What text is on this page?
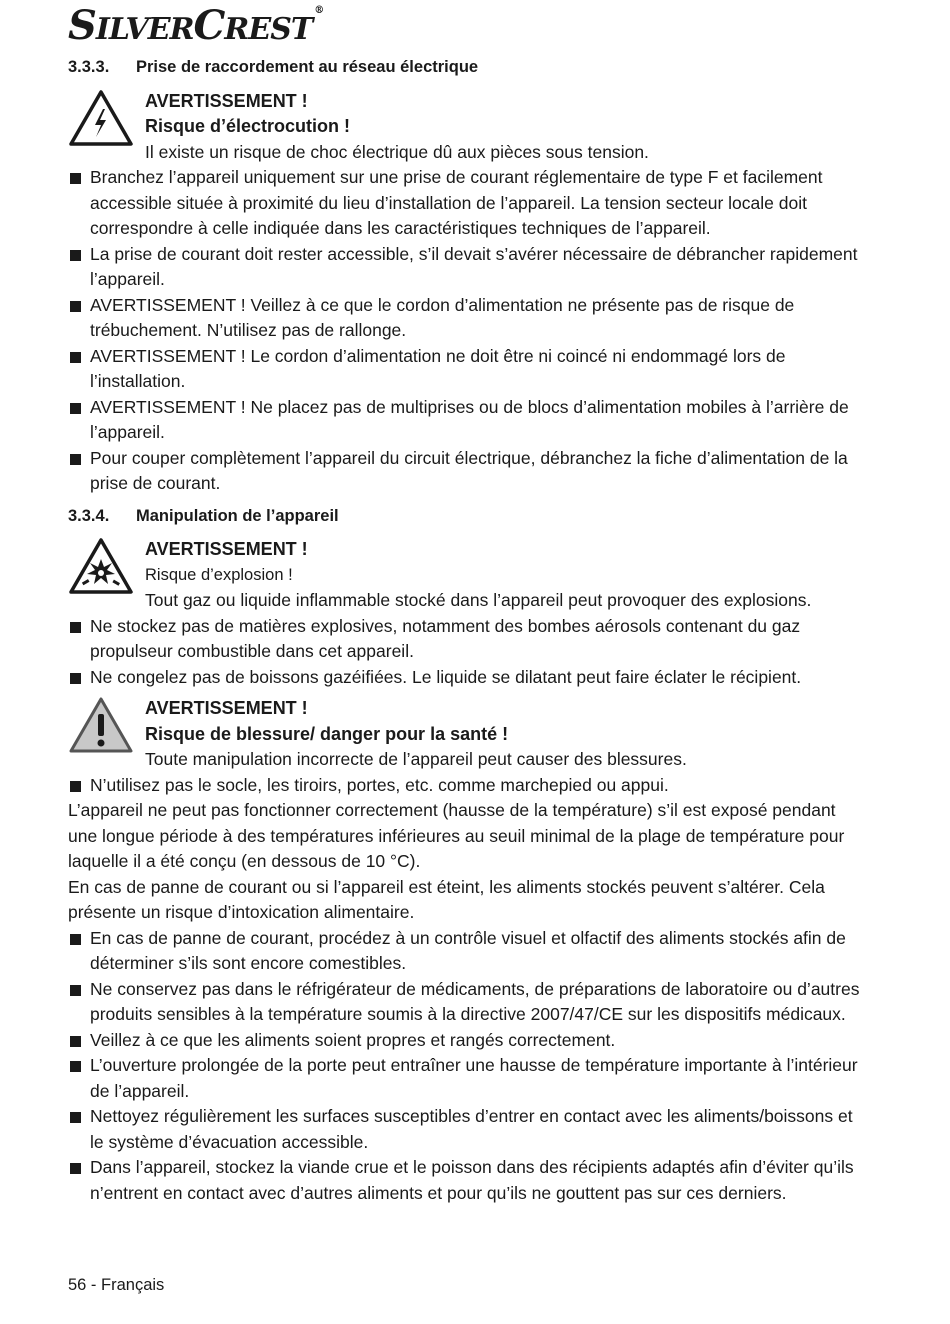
SILVERCREST®
3.3.3.	Prise de raccordement au réseau électrique
AVERTISSEMENT !
Risque d’électrocution !
Il existe un risque de choc électrique dû aux pièces sous tension.
Branchez l’appareil uniquement sur une prise de courant réglementaire de type F et facilement accessible située à proximité du lieu d’installation de l’appareil. La tension secteur locale doit correspondre à celle indiquée dans les caractéristiques techniques de l’appareil.
La prise de courant doit rester accessible, s’il devait s’avérer nécessaire de débrancher rapidement l’appareil.
AVERTISSEMENT ! Veillez à ce que le cordon d’alimentation ne présente pas de risque de trébuchement. N’utilisez pas de rallonge.
AVERTISSEMENT ! Le cordon d’alimentation ne doit être ni coincé ni endommagé lors de l’installation.
AVERTISSEMENT ! Ne placez pas de multiprises ou de blocs d’alimentation mobiles à l’arrière de l’appareil.
Pour couper complètement l’appareil du circuit électrique, débranchez la fiche d’alimentation de la prise de courant.
3.3.4.	Manipulation de l’appareil
AVERTISSEMENT !
Risque d’explosion !
Tout gaz ou liquide inflammable stocké dans l’appareil peut provoquer des explosions.
Ne stockez pas de matières explosives, notamment des bombes aérosols contenant du gaz propulseur combustible dans cet appareil.
Ne congelez pas de boissons gazéifiées. Le liquide se dilatant peut faire éclater le récipient.
AVERTISSEMENT !
Risque de blessure/ danger pour la santé !
Toute manipulation incorrecte de l’appareil peut causer des blessures.
N’utilisez pas le socle, les tiroirs, portes, etc. comme marchepied ou appui.

L’appareil ne peut pas fonctionner correctement (hausse de la température) s’il est exposé pendant une longue période à des températures inférieures au seuil minimal de la plage de température pour laquelle il a été conçu (en dessous de 10 °C).

En cas de panne de courant ou si l’appareil est éteint, les aliments stockés peuvent s’altérer. Cela présente un risque d’intoxication alimentaire.

En cas de panne de courant, procédez à un contrôle visuel et olfactif des aliments stockés afin de déterminer s’ils sont encore comestibles.
Ne conservez pas dans le réfrigérateur de médicaments, de préparations de laboratoire ou d’autres produits sensibles à la température soumis à la directive 2007/47/CE sur les dispositifs médicaux.
Veillez à ce que les aliments soient propres et rangés correctement.
L’ouverture prolongée de la porte peut entraîner une hausse de température importante à l’intérieur de l’appareil.
Nettoyez régulièrement les surfaces susceptibles d’entrer en contact avec les aliments/boissons et le système d’évacuation accessible.
Dans l’appareil, stockez la viande crue et le poisson dans des récipients adaptés afin d’éviter qu’ils n’entrent en contact avec d’autres aliments et pour qu’ils ne gouttent pas sur ces derniers.
56 - Français
